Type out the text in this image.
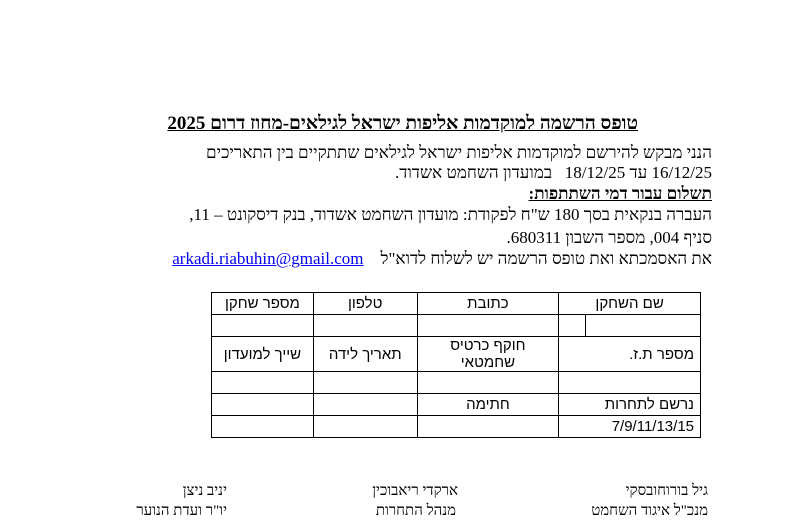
טופס הרשמה למוקדמות אליפות ישראל לגילאים-מחוז דרום 2025
הנני מבקש להירשם למוקדמות אליפות ישראל לגילאים שתתקיים בין התאריכים
16/12/25 עד 18/12/25   במועדון השחמט אשדוד.
תשלום עבור דמי השתתפות:
העברה בנקאית בסך 180 ש"ח לפקודת: מועדון השחמט אשדוד, בנק דיסקונט – 11,
סניף 004, מספר השבון 680311.
את האסמכתא ואת טופס הרשמה יש לשלוח לדוא"ל    arkadi.riabuhin@gmail.com
שם השחקן		כתובת	טלפון	מספר שחקן

מספר ת.ז.		חוקף כרטיס שחמטאי	תאריך לידה	שייך למועדון

נרשם לתחרות		חתימה		
7/9/11/13/15				
גיל בורוחובסקי
מנכ"ל איגוד השחמט
ארקדי ריאבוכין
מנהל התחרות
יניב ניצן
יו"ר ועדת הנוער
